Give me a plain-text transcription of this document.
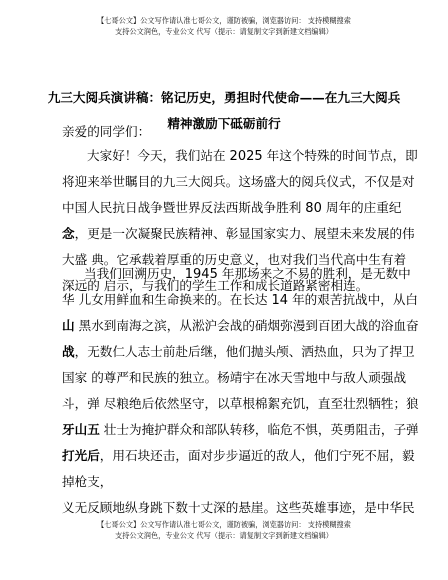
【七哥公文】公文写作请认准七哥公文，谨防被骗，浏览器访问： 支持模糊搜索
支持公文润色，专业公文 代写（提示：请复制文字到新建文档编辑）
九三大阅兵演讲稿：铭记历史，勇担时代使命——在九三大阅兵
精神激励下砥砺前行
亲爱的同学们：
大家好！今天，我们站在 2025 年这个特殊的时间节点，即
将迎来举世瞩目的九三大阅兵。这场盛大的阅兵仪式，不仅是对
中国人民抗日战争暨世界反法西斯战争胜利 80 周年的庄重纪
念，更是一次凝聚民族精神、彰显国家实力、展望未来发展的伟
大盛 典。它承载着厚重的历史意义，也对我们当代高中生有着
深远的 启示，与我们的学生工作和成长道路紧密相连。
当我们回溯历史，1945 年那场来之不易的胜利，是无数中
华 儿女用鲜血和生命换来的。在长达 14 年的艰苦抗战中，从白
山 黑水到南海之滨，从淞沪会战的硝烟弥漫到百团大战的浴血奋
战，无数仁人志士前赴后继，他们抛头颅、洒热血，只为了捍卫
国家 的尊严和民族的独立。杨靖宇在冰天雪地中与敌人顽强战
斗，弹 尽粮绝后依然坚守，以草根棉絮充饥，直至壮烈牺牲；狼
牙山五 壮士为掩护群众和部队转移，临危不惧，英勇阻击，子弹
打光后，用石块还击，面对步步逼近的敌人，他们宁死不屈，毅
掉枪支，
义无反顾地纵身跳下数十丈深的悬崖。这些英雄事迹，是中华民
【七哥公文】公文写作请认准七哥公文，谨防被骗，浏览器访问： 支持模糊搜索
支持公文润色，专业公文 代写（提示：请复制文字到新建文档编辑）
